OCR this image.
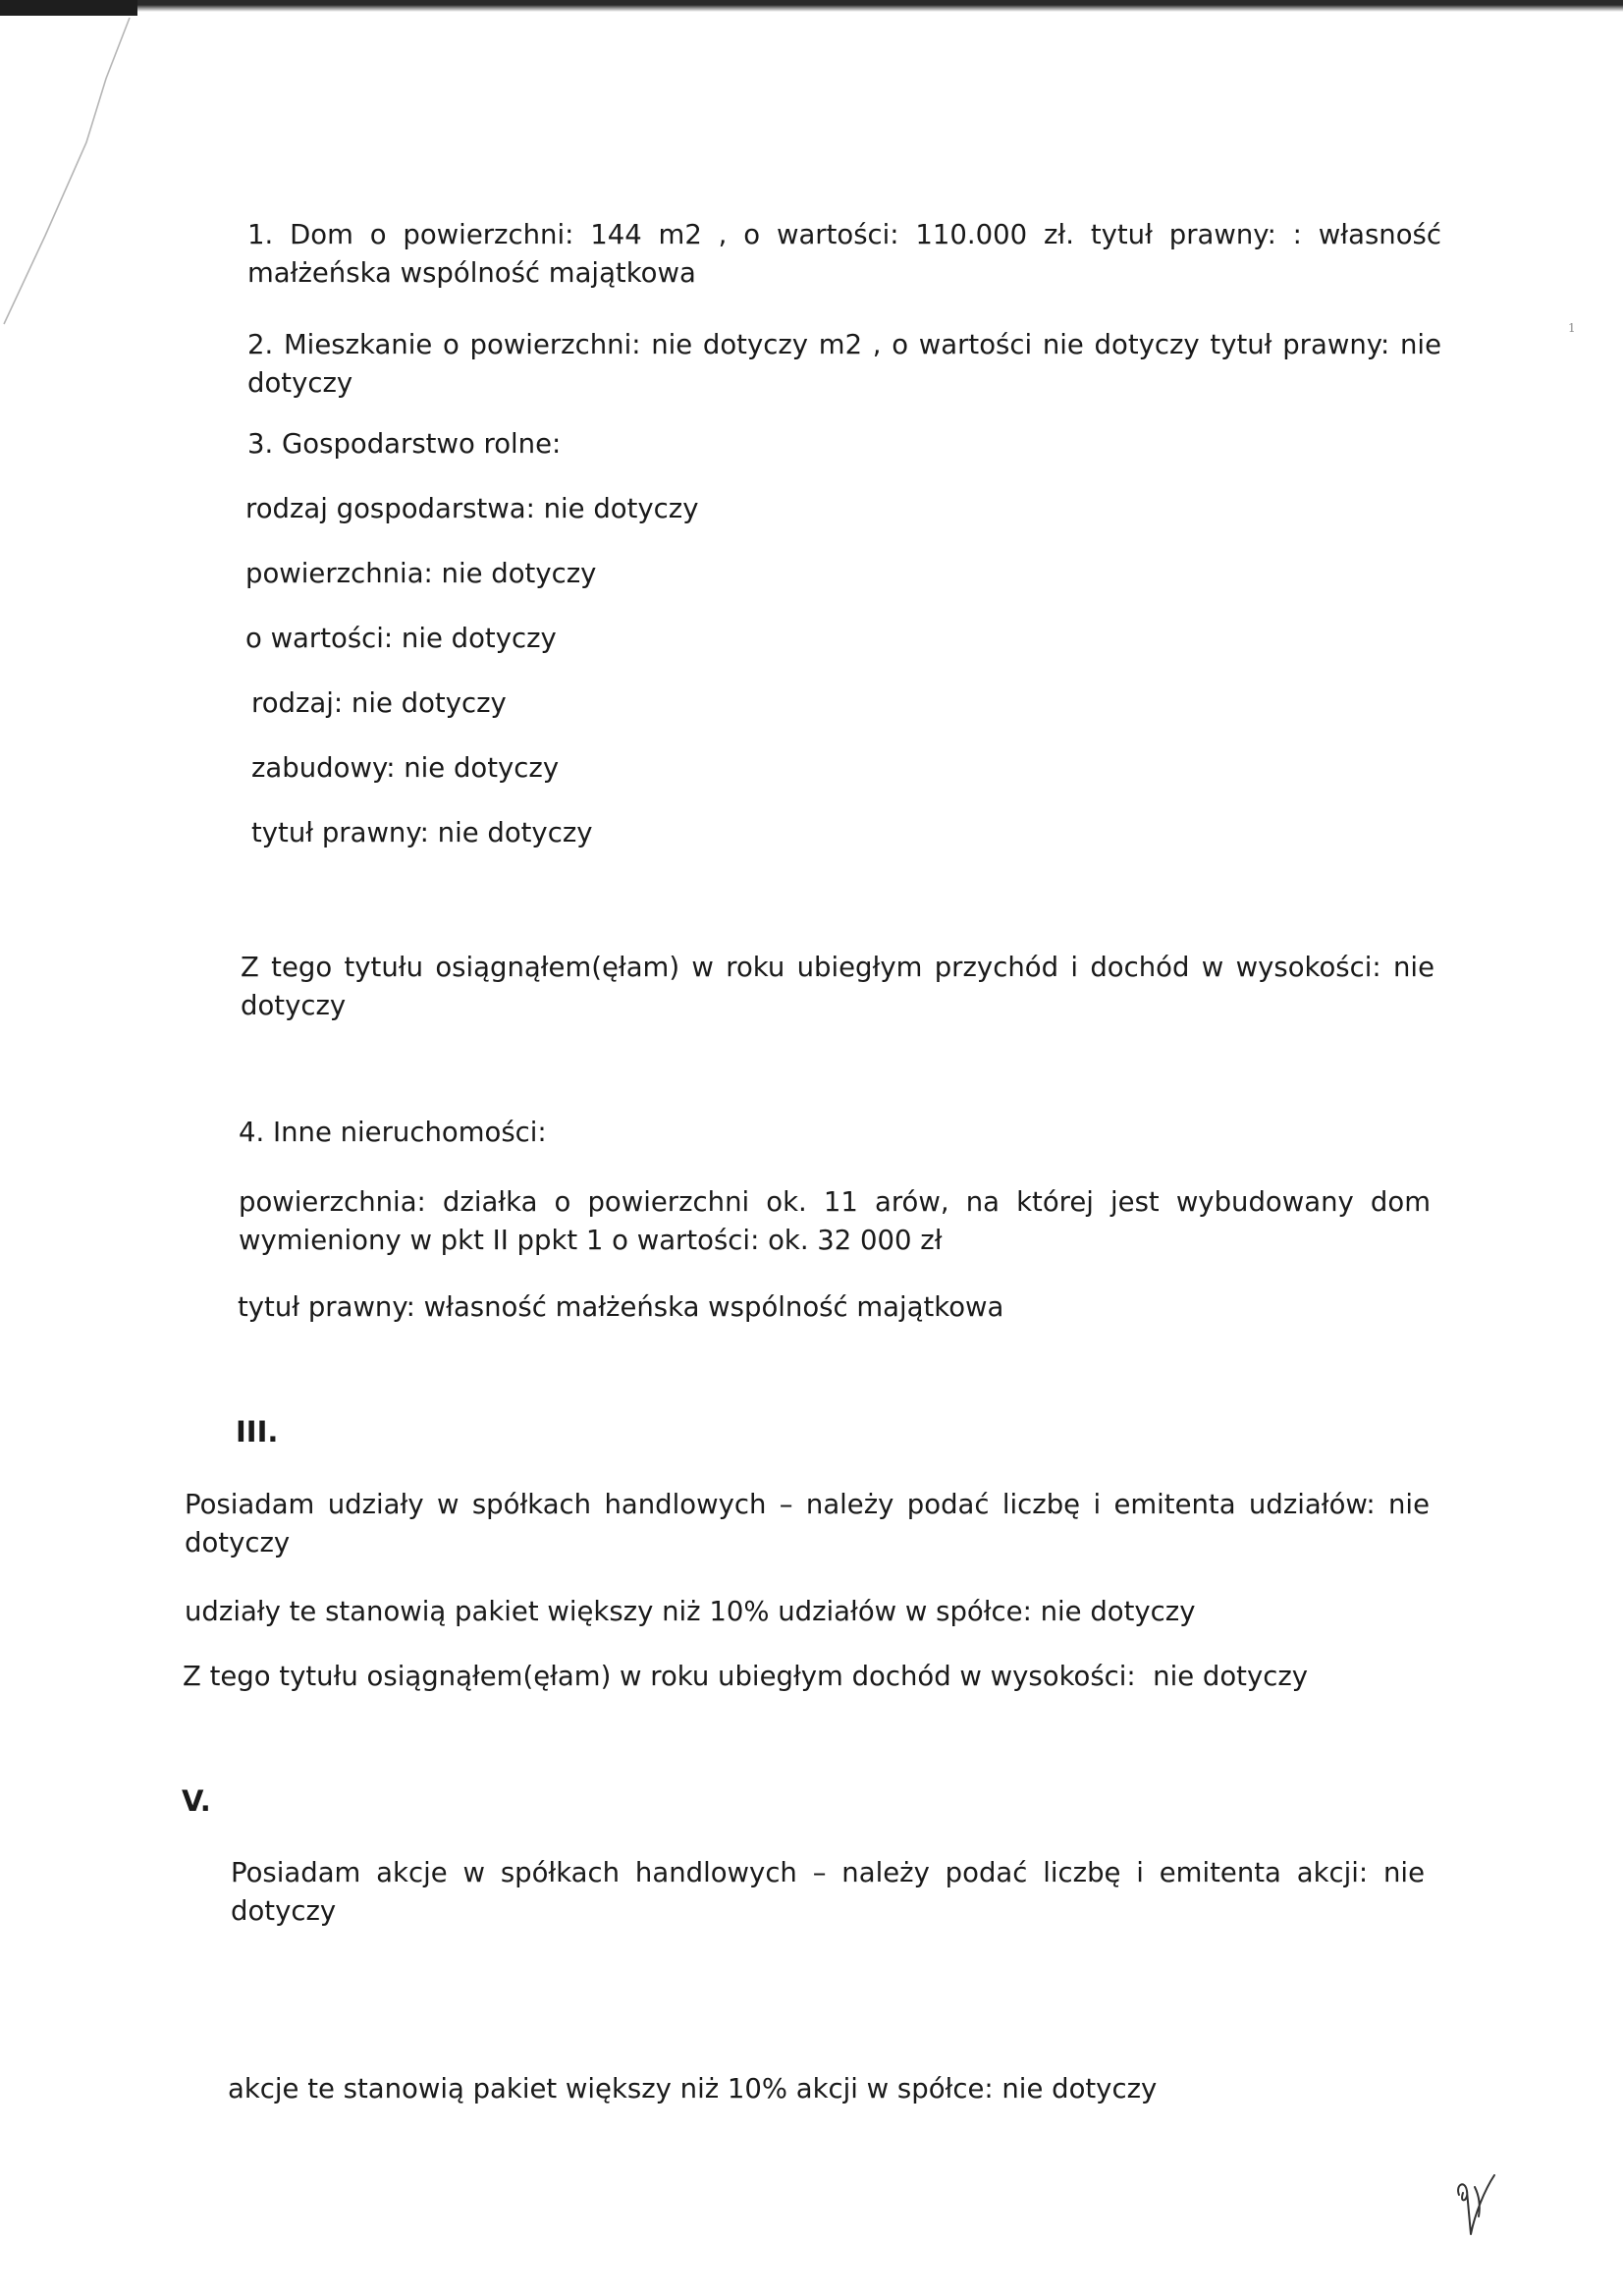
1. Dom o powierzchni: 144 m2 , o wartości: 110.000 zł. tytuł prawny: : własność małżeńska wspólność majątkowa

2. Mieszkanie o powierzchni: nie dotyczy m2 , o wartości nie dotyczy tytuł prawny: nie dotyczy

3. Gospodarstwo rolne:

rodzaj gospodarstwa: nie dotyczy

powierzchnia: nie dotyczy

o wartości: nie dotyczy

rodzaj: nie dotyczy

zabudowy: nie dotyczy

tytuł prawny: nie dotyczy

Z tego tytułu osiągnąłem(ęłam) w roku ubiegłym przychód i dochód w wysokości: nie dotyczy

4. Inne nieruchomości:

powierzchnia: działka o powierzchni ok. 11 arów, na której jest wybudowany dom wymieniony w pkt II ppkt 1 o wartości: ok. 32 000 zł

tytuł prawny: własność małżeńska wspólność majątkowa

III.

Posiadam udziały w spółkach handlowych – należy podać liczbę i emitenta udziałów: nie dotyczy

udziały te stanowią pakiet większy niż 10% udziałów w spółce: nie dotyczy

Z tego tytułu osiągnąłem(ęłam) w roku ubiegłym dochód w wysokości:  nie dotyczy

V.

Posiadam akcje w spółkach handlowych – należy podać liczbę i emitenta akcji: nie dotyczy

akcje te stanowią pakiet większy niż 10% akcji w spółce: nie dotyczy

1
